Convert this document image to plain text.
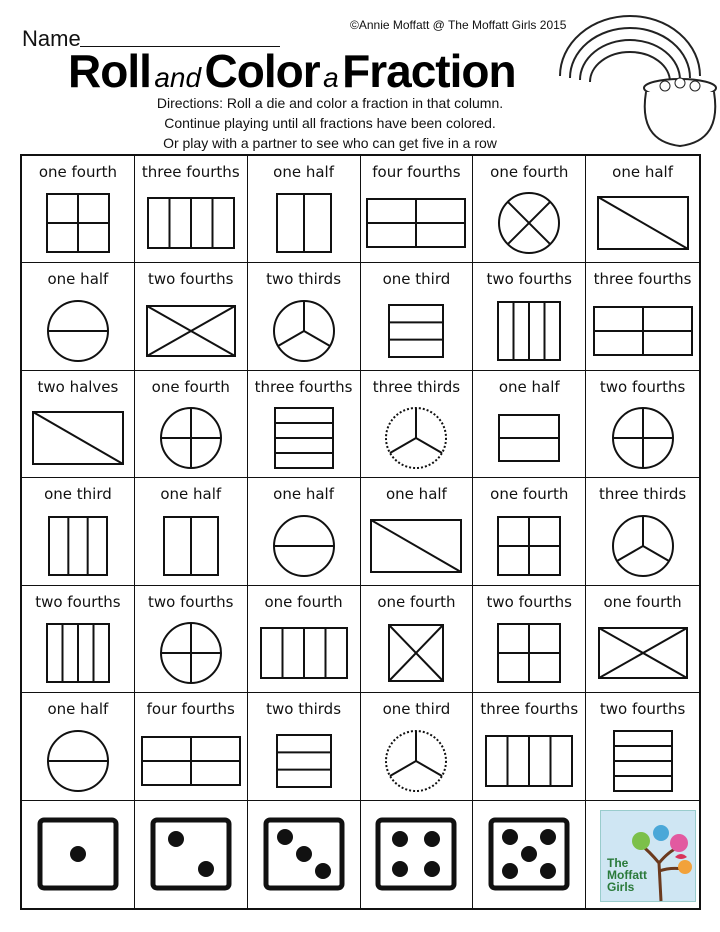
Name
©Annie Moffatt @ The Moffatt Girls 2015
Roll and Color a Fraction
Directions: Roll a die and color a fraction in that column.
Continue playing until all fractions have been colored.
Or play with a partner to see who can get five in a row
one fourth	three fourths	one half	four fourths	one fourth	one half
one half	two fourths	two thirds	one third	two fourths	three fourths
two halves	one fourth	three fourths	three thirds	one half	two fourths
one third	one half	one half	one half	one fourth	three thirds
two fourths	two fourths	one fourth	one fourth	two fourths	one fourth
one half	four fourths	two thirds	one third	three fourths	two fourths
The
Moffatt
Girls
